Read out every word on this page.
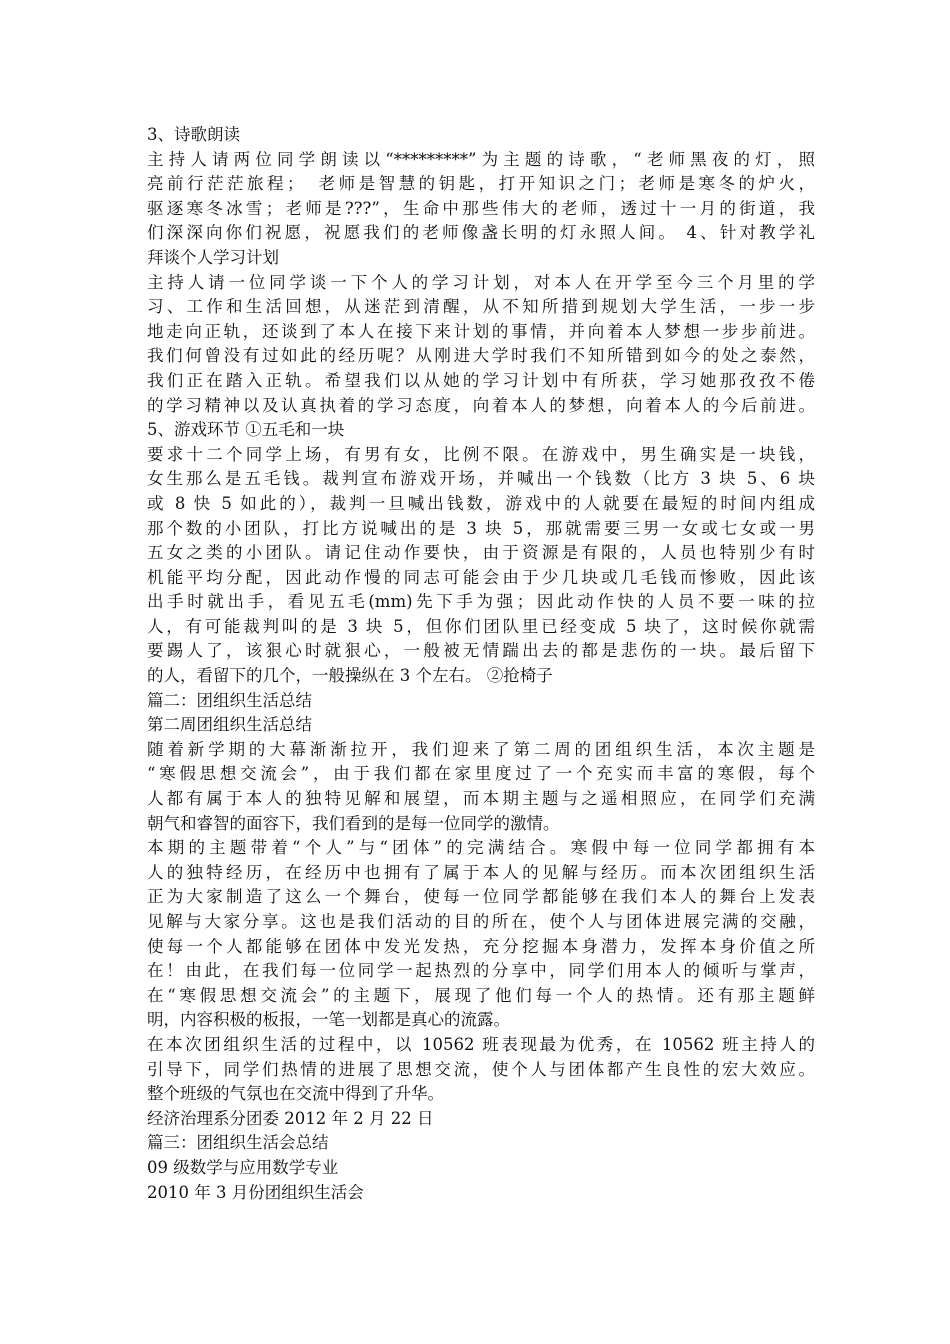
3、诗歌朗读
主持人请两位同学朗读以“*********”为主题的诗歌，“老师黑夜的灯，照
亮前行茫茫旅程；　老师是智慧的钥匙，打开知识之门；老师是寒冬的炉火，
驱逐寒冬冰雪；老师是???”，生命中那些伟大的老师，透过十一月的街道，我
们深深向你们祝愿，祝愿我们的老师像盏长明的灯永照人间。 4、针对教学礼
拜谈个人学习计划
主持人请一位同学谈一下个人的学习计划，对本人在开学至今三个月里的学
习、工作和生活回想，从迷茫到清醒，从不知所措到规划大学生活，一步一步
地走向正轨，还谈到了本人在接下来计划的事情，并向着本人梦想一步步前进。
我们何曾没有过如此的经历呢？从刚进大学时我们不知所错到如今的处之泰然，
我们正在踏入正轨。希望我们以从她的学习计划中有所获，学习她那孜孜不倦
的学习精神以及认真执着的学习态度，向着本人的梦想，向着本人的今后前进。
5、游戏环节 ①五毛和一块
要求十二个同学上场，有男有女，比例不限。在游戏中，男生确实是一块钱，
女生那么是五毛钱。裁判宣布游戏开场，并喊出一个钱数（比方 3 块 5、6 块
或 8 快 5 如此的），裁判一旦喊出钱数，游戏中的人就要在最短的时间内组成
那个数的小团队，打比方说喊出的是 3 块 5，那就需要三男一女或七女或一男
五女之类的小团队。请记住动作要快，由于资源是有限的，人员也特别少有时
机能平均分配，因此动作慢的同志可能会由于少几块或几毛钱而惨败，因此该
出手时就出手，看见五毛(mm)先下手为强；因此动作快的人员不要一味的拉
人，有可能裁判叫的是 3 块 5，但你们团队里已经变成 5 块了，这时候你就需
要踢人了，该狠心时就狠心，一般被无情踹出去的都是悲伤的一块。最后留下
的人，看留下的几个，一般操纵在 3 个左右。 ②抢椅子
篇二：团组织生活总结
第二周团组织生活总结
随着新学期的大幕渐渐拉开，我们迎来了第二周的团组织生活，本次主题是
“寒假思想交流会”，由于我们都在家里度过了一个充实而丰富的寒假，每个
人都有属于本人的独特见解和展望，而本期主题与之遥相照应，在同学们充满
朝气和睿智的面容下，我们看到的是每一位同学的激情。
本期的主题带着“个人”与“团体”的完满结合。寒假中每一位同学都拥有本
人的独特经历，在经历中也拥有了属于本人的见解与经历。而本次团组织生活
正为大家制造了这么一个舞台，使每一位同学都能够在我们本人的舞台上发表
见解与大家分享。这也是我们活动的目的所在，使个人与团体进展完满的交融，
使每一个人都能够在团体中发光发热，充分挖掘本身潜力，发挥本身价值之所
在！由此，在我们每一位同学一起热烈的分享中，同学们用本人的倾听与掌声，
在“寒假思想交流会”的主题下，展现了他们每一个人的热情。还有那主题鲜
明，内容积极的板报，一笔一划都是真心的流露。
在本次团组织生活的过程中，以 10562 班表现最为优秀，在 10562 班主持人的
引导下，同学们热情的进展了思想交流，使个人与团体都产生良性的宏大效应。
整个班级的气氛也在交流中得到了升华。
经济治理系分团委 2012 年 2 月 22 日
篇三：团组织生活会总结
09 级数学与应用数学专业
2010 年 3 月份团组织生活会
